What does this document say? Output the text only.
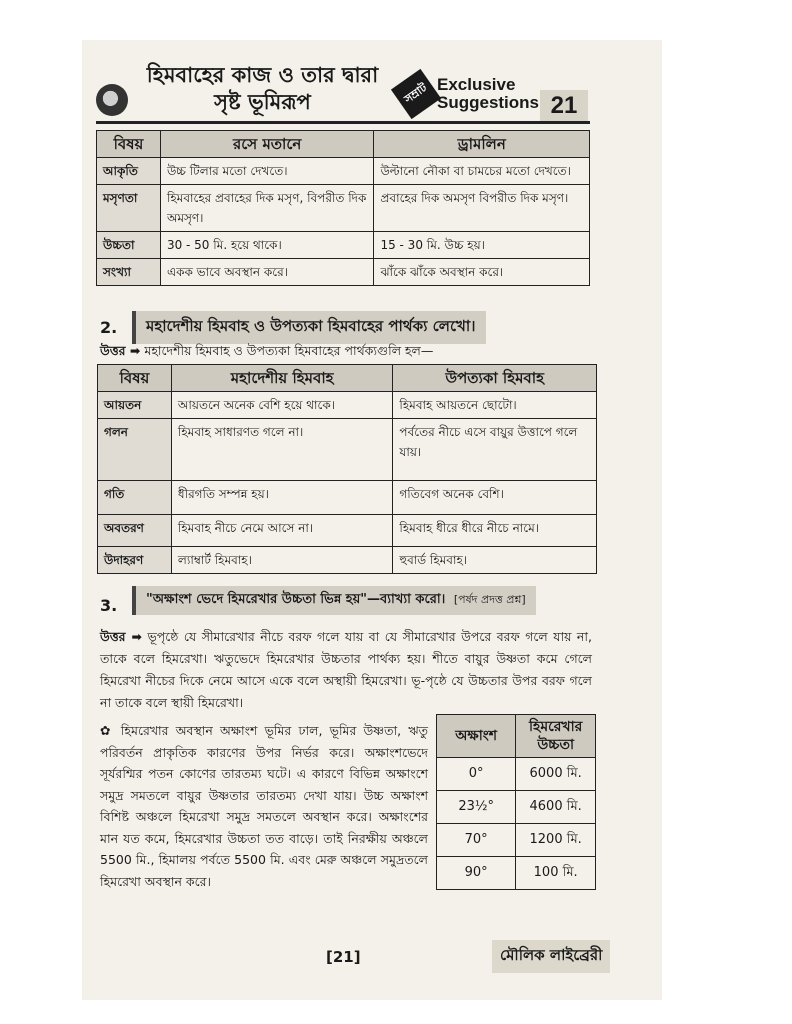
হিমবাহের কাজ ও তার দ্বারা
সৃষ্ট ভূমিরূপ	সম্রাট Exclusive
Suggestions 21
বিষয়	রসে মতানে	ড্রামলিন
আকৃতি	উচ্চ টিলার মতো দেখতে।	উল্টানো নৌকা বা চামচের মতো দেখতে।
মসৃণতা	হিমবাহের প্রবাহের দিক মসৃণ, বিপরীত দিক অমসৃণ।	প্রবাহের দিক অমসৃণ বিপরীত দিক মসৃণ।
উচ্চতা	30 - 50 মি. হয়ে থাকে।	15 - 30 মি. উচ্চ হয়।
সংখ্যা	একক ভাবে অবস্থান করে।	ঝাঁকে ঝাঁকে অবস্থান করে।
2.	মহাদেশীয় হিমবাহ ও উপত্যকা হিমবাহের পার্থক্য লেখো।
উত্তর ➡ মহাদেশীয় হিমবাহ ও উপত্যকা হিমবাহের পার্থক্যগুলি হল—
বিষয়	মহাদেশীয় হিমবাহ	উপত্যকা হিমবাহ
আয়তন	আয়তনে অনেক বেশি হয়ে থাকে।	হিমবাহ আয়তনে ছোটো।
গলন	হিমবাহ সাধারণত গলে না।	পর্বতের নীচে এসে বায়ুর উত্তাপে গলে যায়।
গতি	ধীরগতি সম্পন্ন হয়।	গতিবেগ অনেক বেশি।
অবতরণ	হিমবাহ নীচে নেমে আসে না।	হিমবাহ ধীরে ধীরে নীচে নামে।
উদাহরণ	ল্যাম্বার্ট হিমবাহ।	হুবার্ড হিমবাহ।
3.	"অক্ষাংশ ভেদে হিমরেখার উচ্চতা ভিন্ন হয়"—ব্যাখ্যা করো। [পর্ষদ প্রদত্ত প্রশ্ন]
উত্তর ➡ ভূপৃষ্ঠে যে সীমারেখার নীচে বরফ গলে যায় বা যে সীমারেখার উপরে বরফ গলে যায় না, তাকে বলে হিমরেখা। ঋতুভেদে হিমরেখার উচ্চতার পার্থক্য হয়। শীতে বায়ুর উষ্ণতা কমে গেলে হিমরেখা নীচের দিকে নেমে আসে একে বলে অস্থায়ী হিমরেখা। ভূ-পৃষ্ঠে যে উচ্চতার উপর বরফ গলে না তাকে বলে স্থায়ী হিমরেখা।
✿ হিমরেখার অবস্থান অক্ষাংশ ভূমির ঢাল, ভূমির উষ্ণতা, ঋতু পরিবর্তন প্রাকৃতিক কারণের উপর নির্ভর করে। অক্ষাংশভেদে সূর্যরশ্মির পতন কোণের তারতম্য ঘটে। এ কারণে বিভিন্ন অক্ষাংশে সমুদ্র সমতলে বায়ুর উষ্ণতার তারতম্য দেখা যায়। উচ্চ অক্ষাংশ বিশিষ্ট অঞ্চলে হিমরেখা সমুদ্র সমতলে অবস্থান করে। অক্ষাংশের মান যত কমে, হিমরেখার উচ্চতা তত বাড়ে। তাই নিরক্ষীয় অঞ্চলে 5500 মি., হিমালয় পর্বতে 5500 মি. এবং মেরু অঞ্চলে সমুদ্রতলে হিমরেখা অবস্থান করে।
অক্ষাংশ	হিমরেখার উচ্চতা
0°	6000 মি.
23½°	4600 মি.
70°	1200 মি.
90°	100 মি.
[21]	মৌলিক লাইব্রেরী
